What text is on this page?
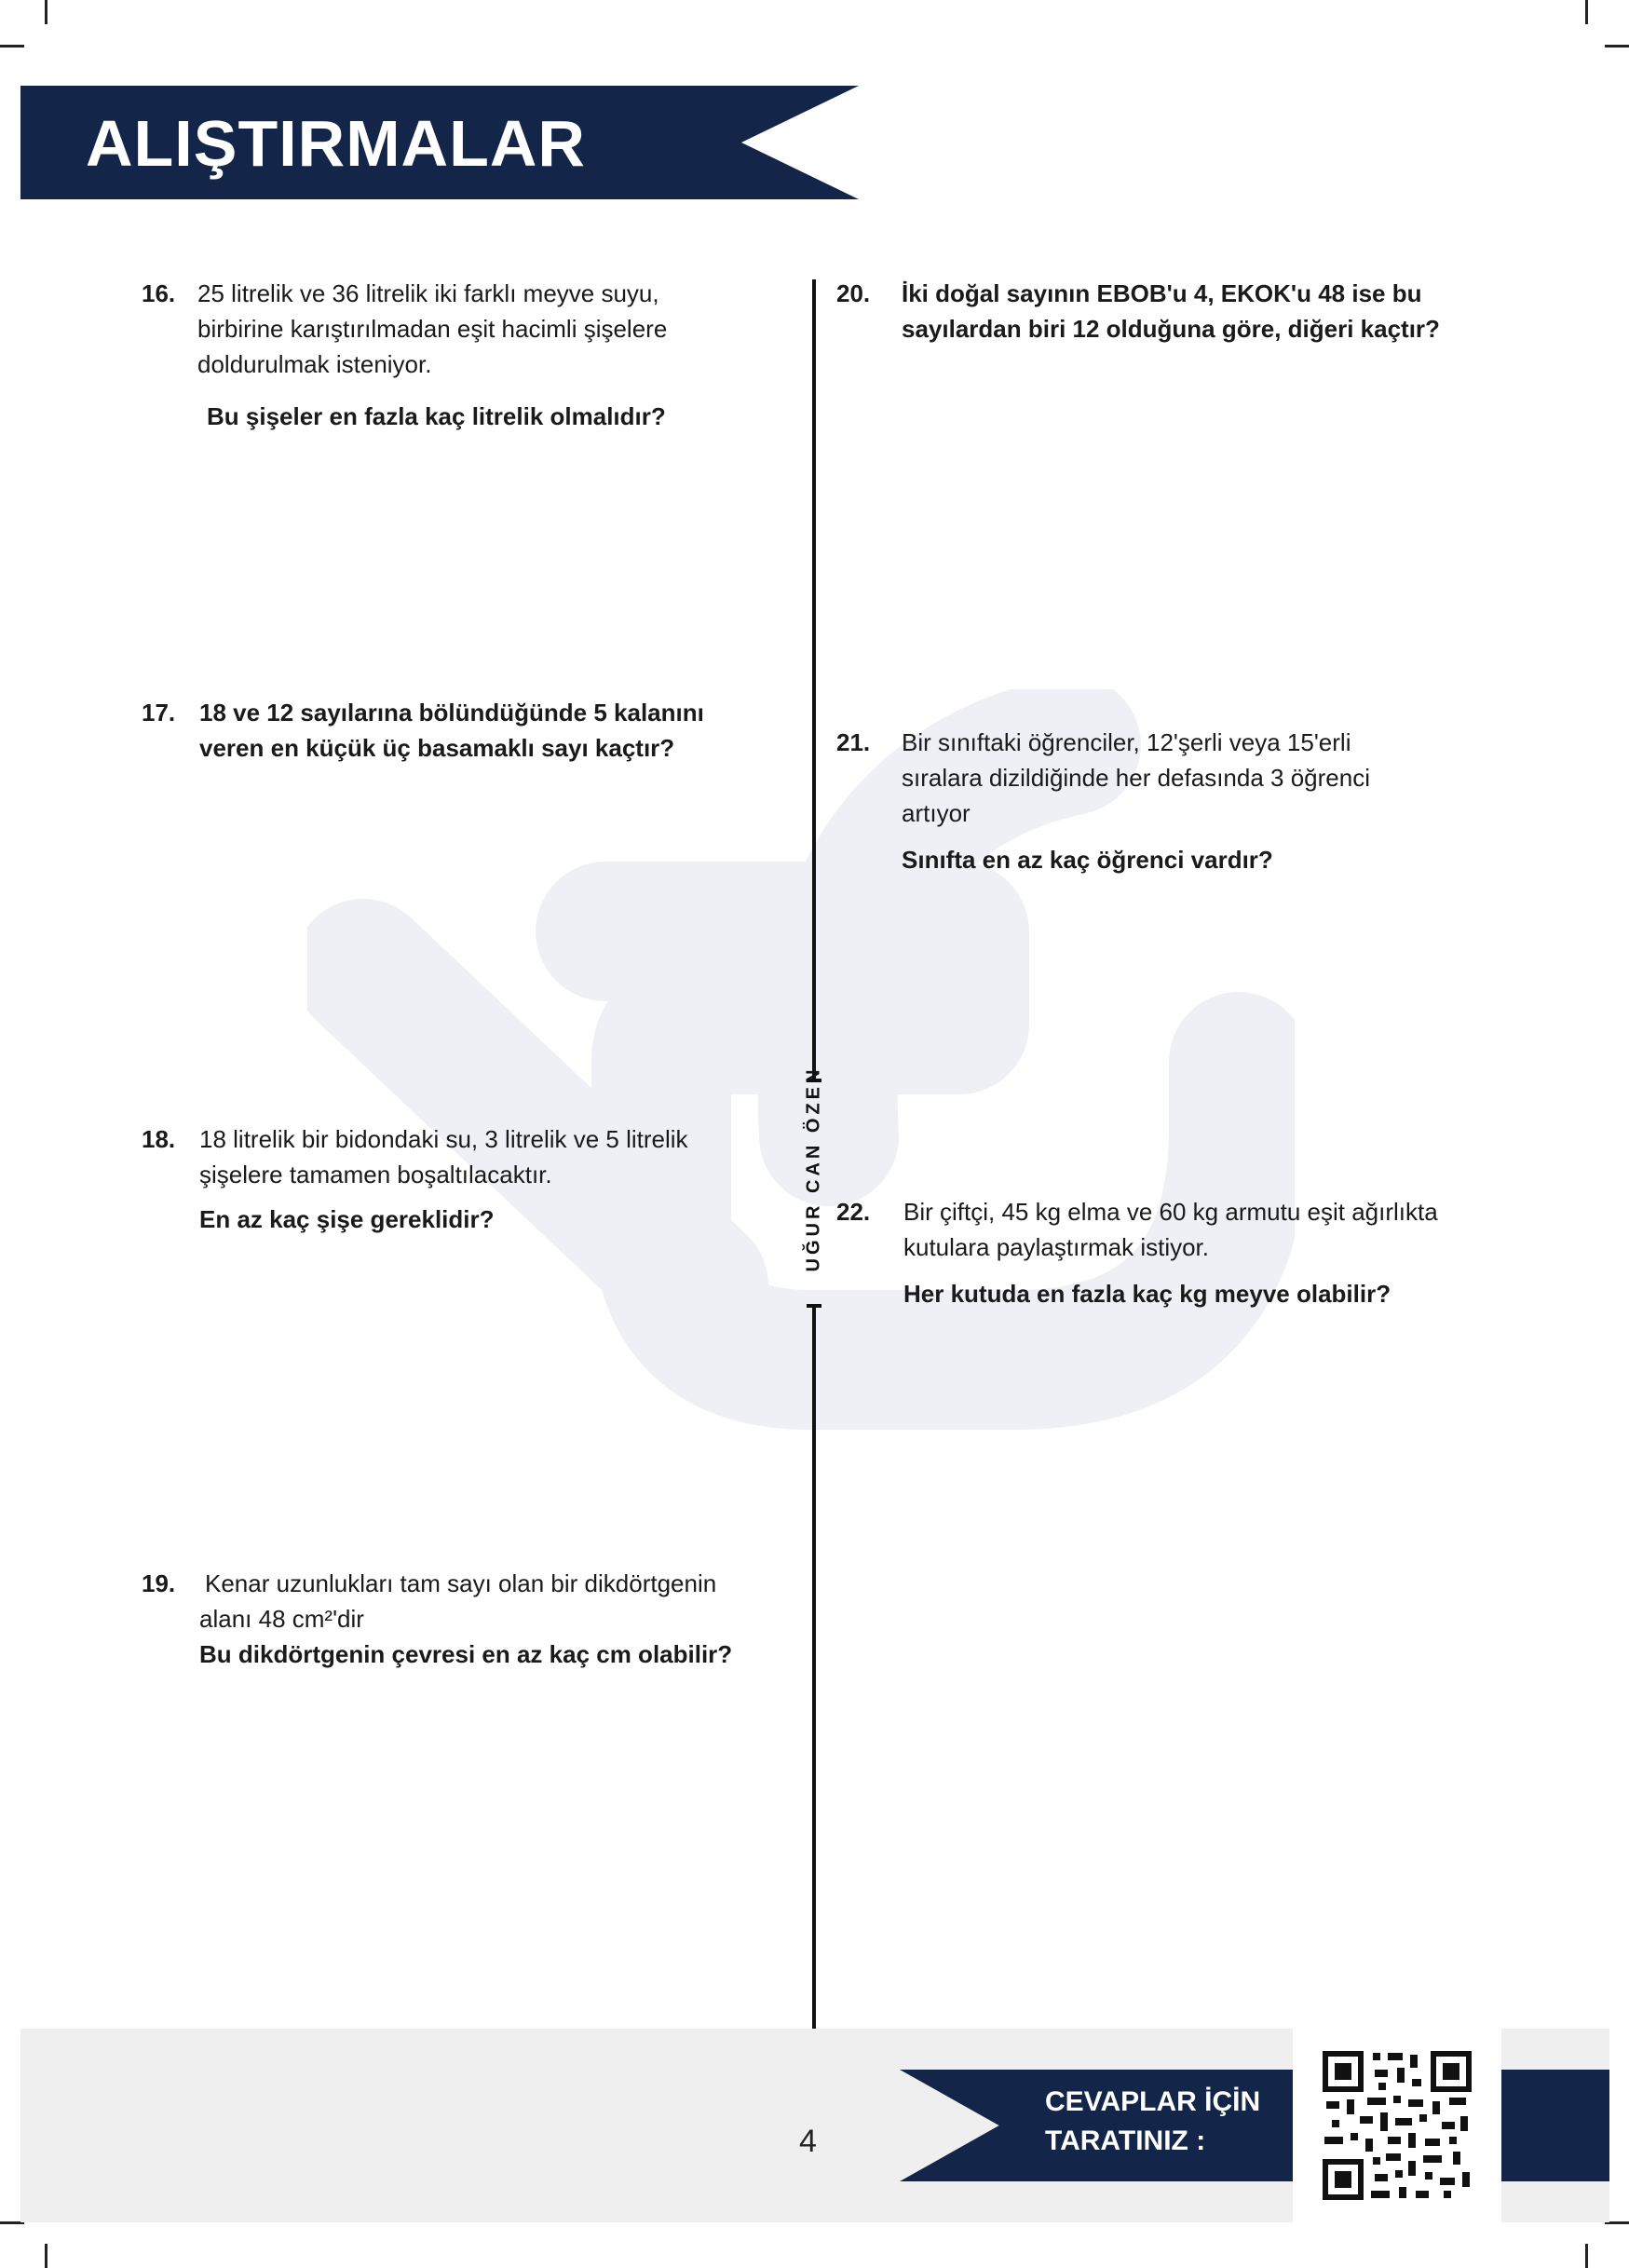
ALIŞTIRMALAR
UĞUR CAN ÖZEN
16. 25 litrelik ve 36 litrelik iki farklı meyve suyu,

birbirine karıştırılmadan eşit hacimli şişelere

doldurulmak isteniyor.

Bu şişeler en fazla kaç litrelik olmalıdır?

17. 18 ve 12 sayılarına bölündüğünde 5 kalanını

veren en küçük üç basamaklı sayı kaçtır?

18. 18 litrelik bir bidondaki su, 3 litrelik ve 5 litrelik

şişelere tamamen boşaltılacaktır.

En az kaç şişe gereklidir?

19. Kenar uzunlukları tam sayı olan bir dikdörtgenin

alanı 48 cm²'dir

Bu dikdörtgenin çevresi en az kaç cm olabilir?

20. İki doğal sayının EBOB'u 4, EKOK'u 48 ise bu

sayılardan biri 12 olduğuna göre, diğeri kaçtır?

21. Bir sınıftaki öğrenciler, 12'şerli veya 15'erli

sıralara dizildiğinde her defasında 3 öğrenci

artıyor

Sınıfta en az kaç öğrenci vardır?

22. Bir çiftçi, 45 kg elma ve 60 kg armutu eşit ağırlıkta

kutulara paylaştırmak istiyor.

Her kutuda en fazla kaç kg meyve olabilir?

4
CEVAPLAR İÇİN
TARATINIZ :
